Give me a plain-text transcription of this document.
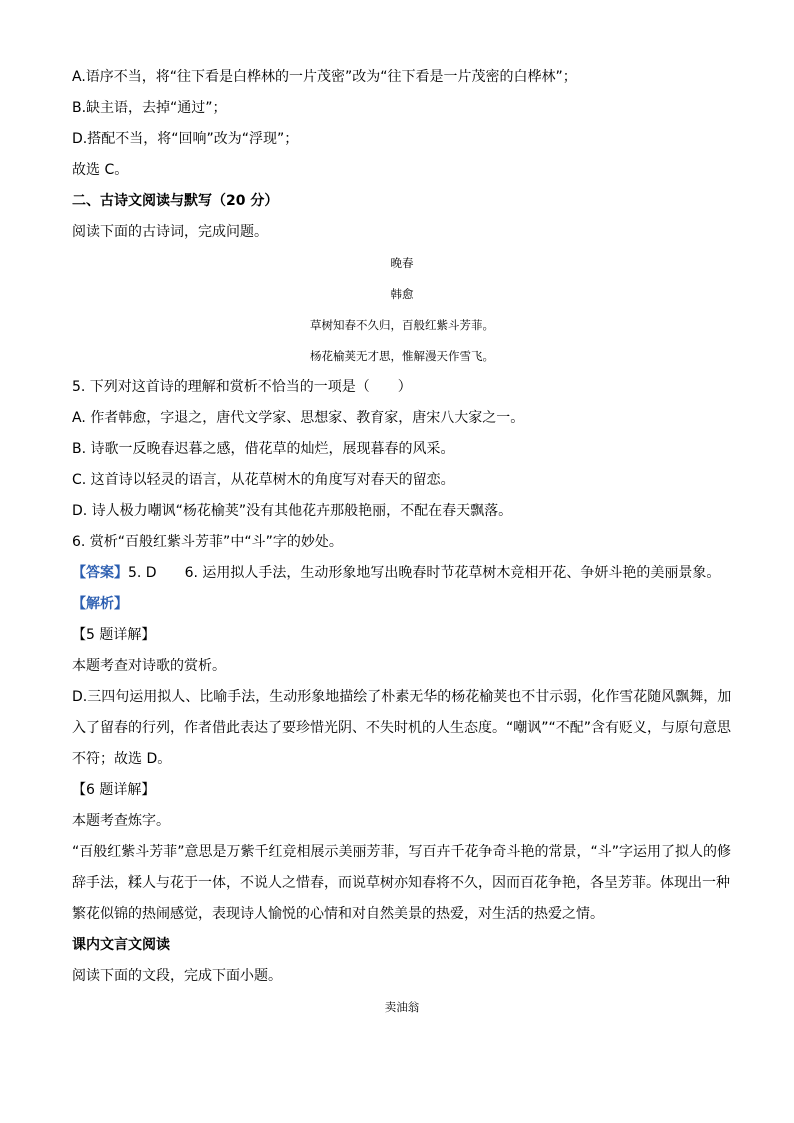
A.语序不当，将“往下看是白桦林的一片茂密”改为“往下看是一片茂密的白桦林”；
B.缺主语，去掉“通过”；
D.搭配不当，将“回响”改为“浮现”；
故选 C。
二、古诗文阅读与默写（20 分）
阅读下面的古诗词，完成问题。
晚春
韩愈
草树知春不久归，百般红紫斗芳菲。
杨花榆荚无才思，惟解漫天作雪飞。
5. 下列对这首诗的理解和赏析不恰当的一项是（　　）
A. 作者韩愈，字退之，唐代文学家、思想家、教育家，唐宋八大家之一。
B. 诗歌一反晚春迟暮之感，借花草的灿烂，展现暮春的风采。
C. 这首诗以轻灵的语言，从花草树木的角度写对春天的留恋。
D. 诗人极力嘲讽“杨花榆荚”没有其他花卉那般艳丽，不配在春天飘落。
6. 赏析“百般红紫斗芳菲”中“斗”字的妙处。
【答案】5. D　　6. 运用拟人手法，生动形象地写出晚春时节花草树木竞相开花、争妍斗艳的美丽景象。
【解析】
【5 题详解】
本题考查对诗歌的赏析。
D.三四句运用拟人、比喻手法，生动形象地描绘了朴素无华的杨花榆荚也不甘示弱，化作雪花随风飘舞，加入了留春的行列，作者借此表达了要珍惜光阴、不失时机的人生态度。“嘲讽”“不配”含有贬义，与原句意思不符；故选 D。
【6 题详解】
本题考查炼字。
“百般红紫斗芳菲”意思是万紫千红竞相展示美丽芳菲，写百卉千花争奇斗艳的常景，“斗”字运用了拟人的修辞手法，糅人与花于一体，不说人之惜春，而说草树亦知春将不久，因而百花争艳，各呈芳菲。体现出一种繁花似锦的热闹感觉，表现诗人愉悦的心情和对自然美景的热爱，对生活的热爱之情。
课内文言文阅读
阅读下面的文段，完成下面小题。
卖油翁
